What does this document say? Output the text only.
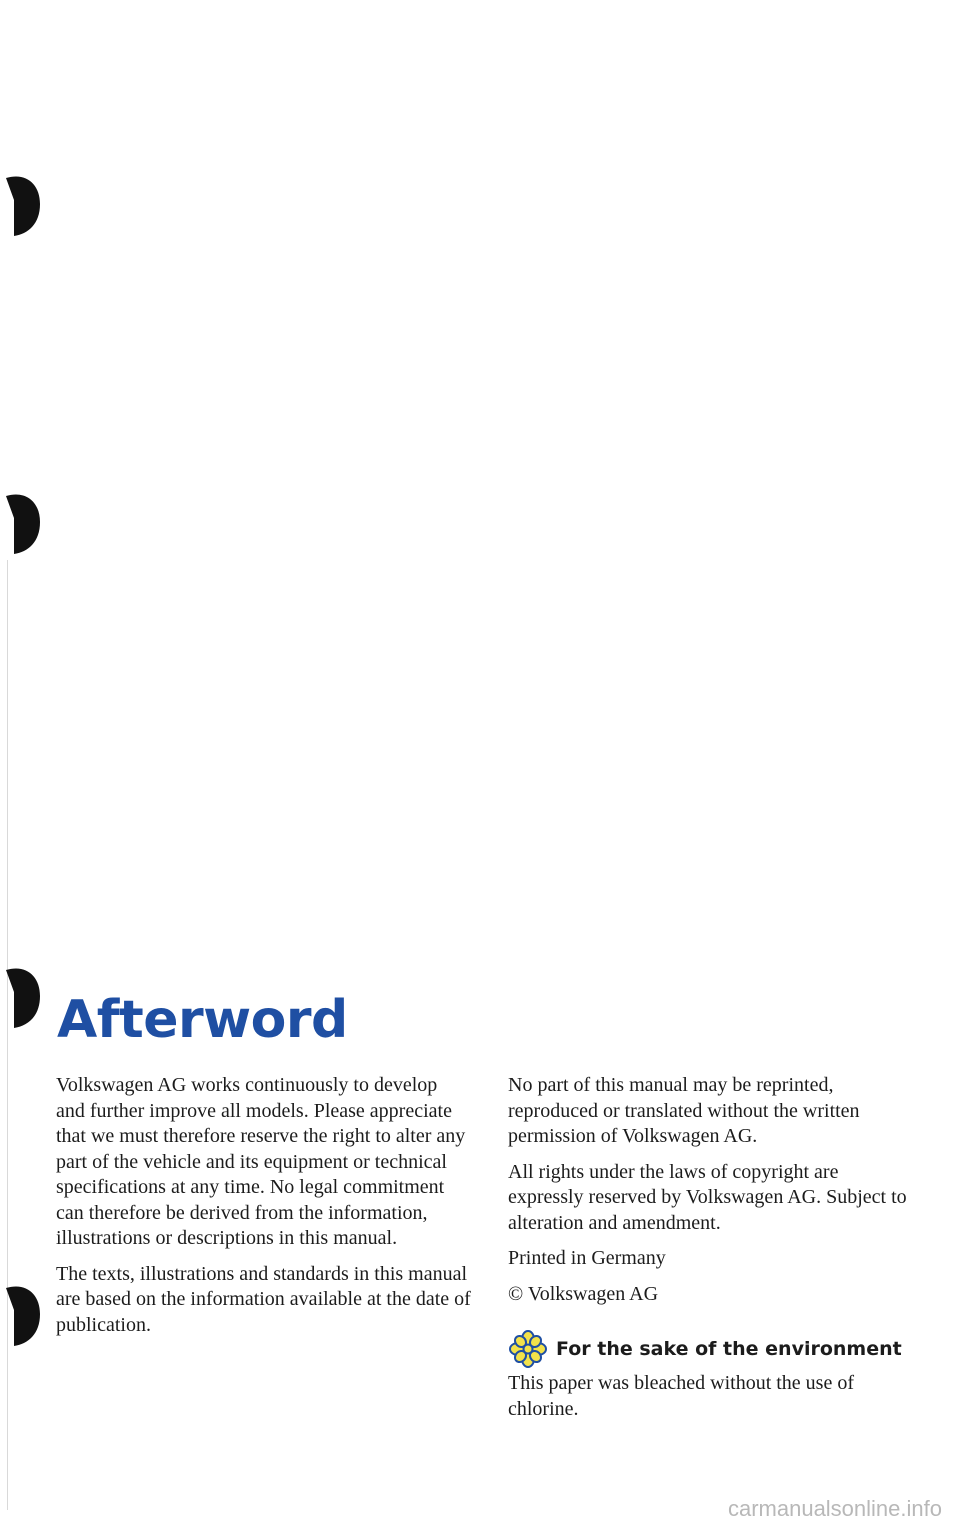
Afterword

Volkswagen AG works continuously to develop and further improve all models. Please appreciate that we must therefore reserve the right to alter any part of the vehicle and its equipment or technical specifications at any time. No legal commitment can therefore be derived from the information, illustrations or descriptions in this manual.

The texts, illustrations and standards in this manual are based on the information available at the date of publication.

No part of this manual may be reprinted, reproduced or translated without the written permission of Volkswagen AG.

All rights under the laws of copyright are expressly reserved by Volkswagen AG. Subject to alteration and amendment.

Printed in Germany

© Volkswagen AG

For the sake of the environment

This paper was bleached without the use of chlorine.

carmanualsonline.info
